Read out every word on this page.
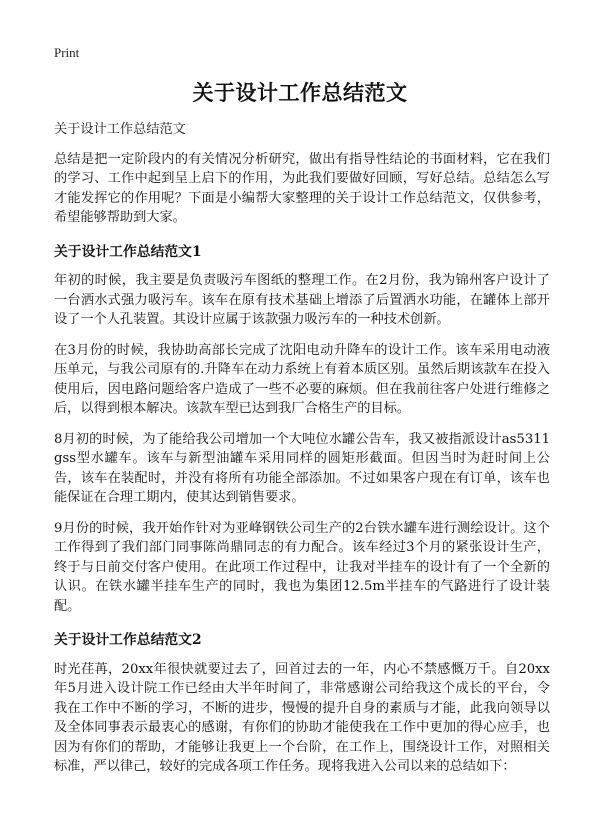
Print
关于设计工作总结范文

关于设计工作总结范文

总结是把一定阶段内的有关情况分析研究，做出有指导性结论的书面材料，它在我们的学习、工作中起到呈上启下的作用，为此我们要做好回顾，写好总结。总结怎么写才能发挥它的作用呢？下面是小编帮大家整理的关于设计工作总结范文，仅供参考，希望能够帮助到大家。

关于设计工作总结范文1

年初的时候，我主要是负责吸污车图纸的整理工作。在2月份，我为锦州客户设计了一台洒水式强力吸污车。该车在原有技术基础上增添了后置洒水功能，在罐体上部开设了一个人孔装置。其设计应属于该款强力吸污车的一种技术创新。

在3月份的时候，我协助高部长完成了沈阳电动升降车的设计工作。该车采用电动液压单元，与我公司原有的.升降车在动力系统上有着本质区别。虽然后期该款车在投入使用后，因电路问题给客户造成了一些不必要的麻烦。但在我前往客户处进行维修之后，以得到根本解决。该款车型已达到我厂合格生产的目标。

8月初的时候，为了能给我公司增加一个大吨位水罐公告车，我又被指派设计as5311gss型水罐车。该车与新型油罐车采用同样的圆矩形截面。但因当时为赶时间上公告，该车在装配时，并没有将所有功能全部添加。不过如果客户现在有订单，该车也能保证在合理工期内，使其达到销售要求。

9月份的时候，我开始作针对为亚峰钢铁公司生产的2台铁水罐车进行测绘设计。这个工作得到了我们部门同事陈尚鼎同志的有力配合。该车经过3个月的紧张设计生产，终于与日前交付客户使用。在此项工作过程中，让我对半挂车的设计有了一个全新的认识。在铁水罐半挂车生产的同时，我也为集团12.5m半挂车的气路进行了设计装配。

关于设计工作总结范文2

时光荏苒，20xx年很快就要过去了，回首过去的一年，内心不禁感慨万千。自20xx年5月进入设计院工作已经由大半年时间了，非常感谢公司给我这个成长的平台，令我在工作中不断的学习，不断的进步，慢慢的提升自身的素质与才能，此我向领导以及全体同事表示最衷心的感谢，有你们的协助才能使我在工作中更加的得心应手，也因为有你们的帮助，才能够让我更上一个台阶，在工作上，围绕设计工作，对照相关标准，严以律己，较好的完成各项工作任务。现将我进入公司以来的总结如下：
